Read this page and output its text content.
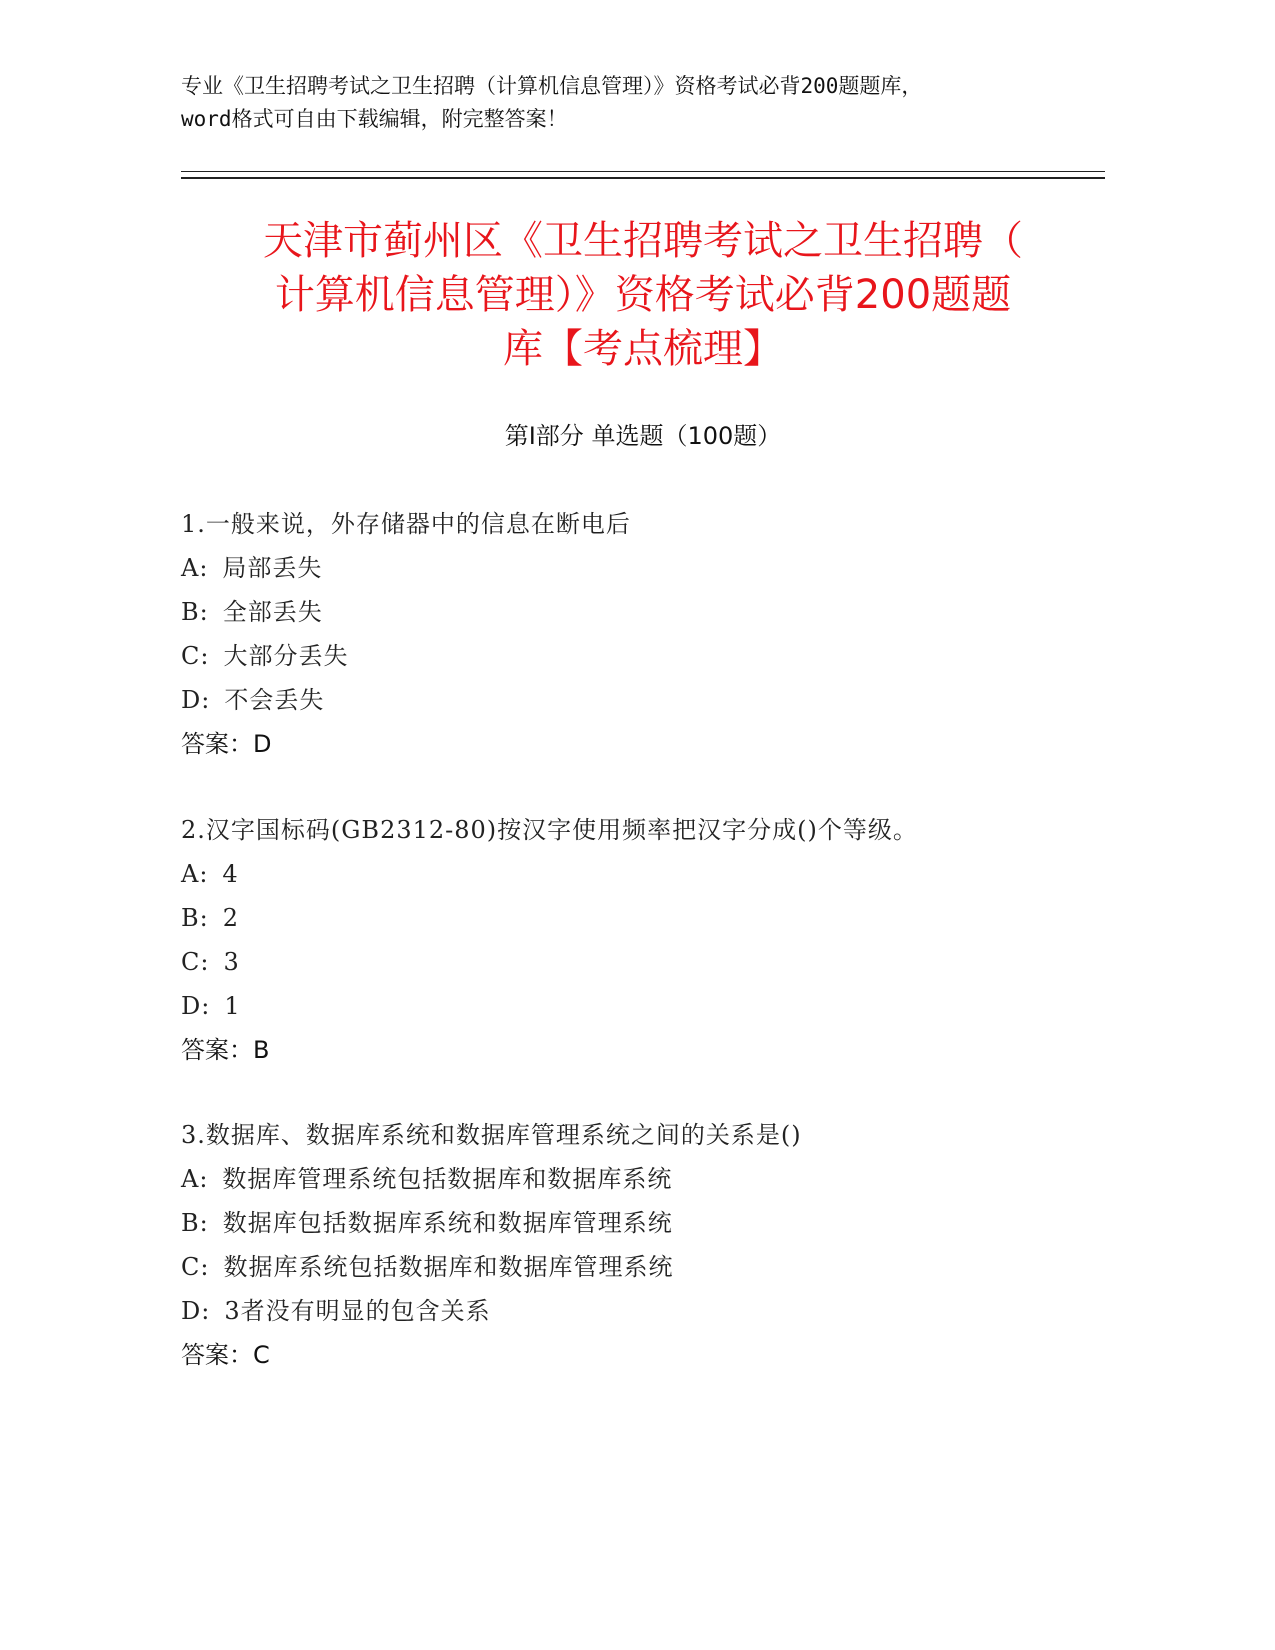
专业《卫生招聘考试之卫生招聘（计算机信息管理）》资格考试必背200题题库，
word格式可自由下载编辑，附完整答案！
天津市蓟州区《卫生招聘考试之卫生招聘（
计算机信息管理）》资格考试必背200题题
库【考点梳理】
第Ⅰ部分 单选题（100题）
1.一般来说，外存储器中的信息在断电后
A: 局部丢失
B: 全部丢失
C: 大部分丢失
D: 不会丢失
答案：D
2.汉字国标码(GB2312-80)按汉字使用频率把汉字分成()个等级。
A: 4
B: 2
C: 3
D: 1
答案：B
3.数据库、数据库系统和数据库管理系统之间的关系是()
A: 数据库管理系统包括数据库和数据库系统
B: 数据库包括数据库系统和数据库管理系统
C: 数据库系统包括数据库和数据库管理系统
D: 3者没有明显的包含关系
答案：C
